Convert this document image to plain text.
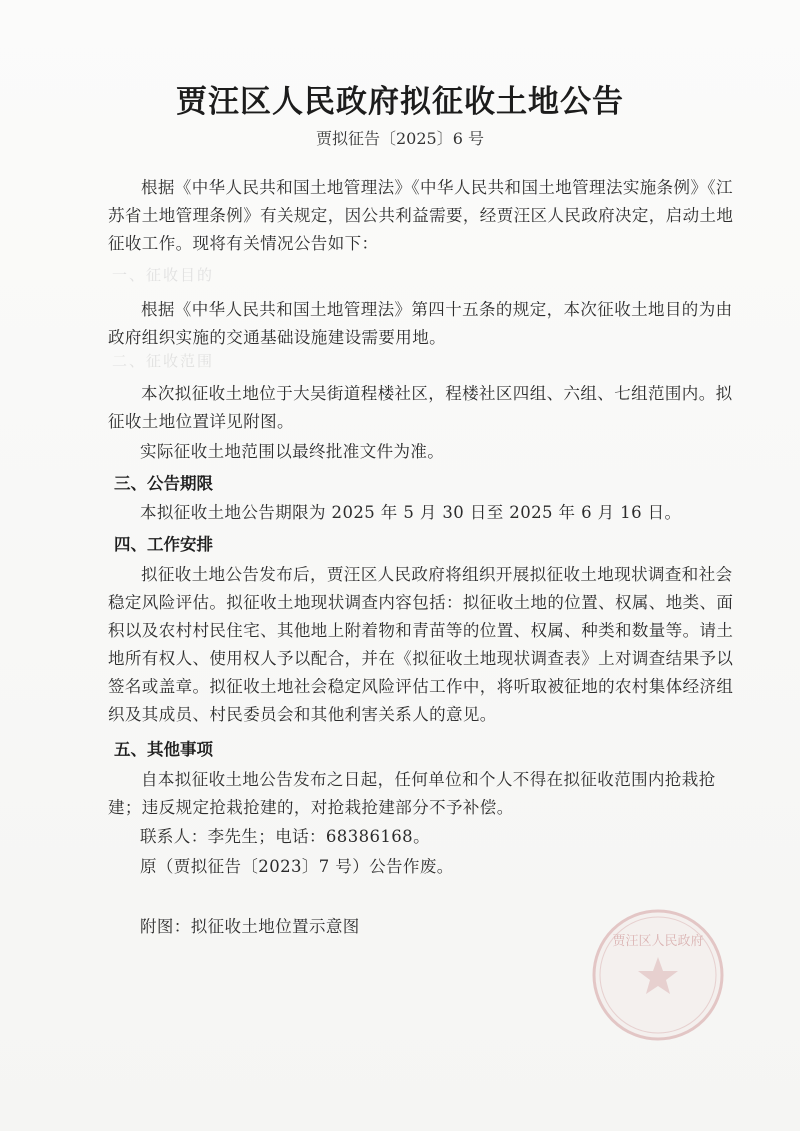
贾汪区人民政府拟征收土地公告
贾拟征告〔2025〕6 号
根据《中华人民共和国土地管理法》《中华人民共和国土地管理法实施条例》《江苏省土地管理条例》有关规定，因公共利益需要，经贾汪区人民政府决定，启动土地征收工作。现将有关情况公告如下：
一、征收目的
根据《中华人民共和国土地管理法》第四十五条的规定，本次征收土地目的为由政府组织实施的交通基础设施建设需要用地。
二、征收范围
本次拟征收土地位于大吴街道程楼社区，程楼社区四组、六组、七组范围内。拟征收土地位置详见附图。
实际征收土地范围以最终批准文件为准。
三、公告期限
本拟征收土地公告期限为 2025 年 5 月 30 日至 2025 年 6 月 16 日。
四、工作安排
拟征收土地公告发布后，贾汪区人民政府将组织开展拟征收土地现状调查和社会稳定风险评估。拟征收土地现状调查内容包括：拟征收土地的位置、权属、地类、面积以及农村村民住宅、其他地上附着物和青苗等的位置、权属、种类和数量等。请土地所有权人、使用权人予以配合，并在《拟征收土地现状调查表》上对调查结果予以签名或盖章。拟征收土地社会稳定风险评估工作中，将听取被征地的农村集体经济组织及其成员、村民委员会和其他利害关系人的意见。
五、其他事项
自本拟征收土地公告发布之日起，任何单位和个人不得在拟征收范围内抢栽抢建；违反规定抢栽抢建的，对抢栽抢建部分不予补偿。
联系人：李先生；电话：68386168。
原（贾拟征告〔2023〕7 号）公告作废。
附图：拟征收土地位置示意图
贾汪区人民政府
